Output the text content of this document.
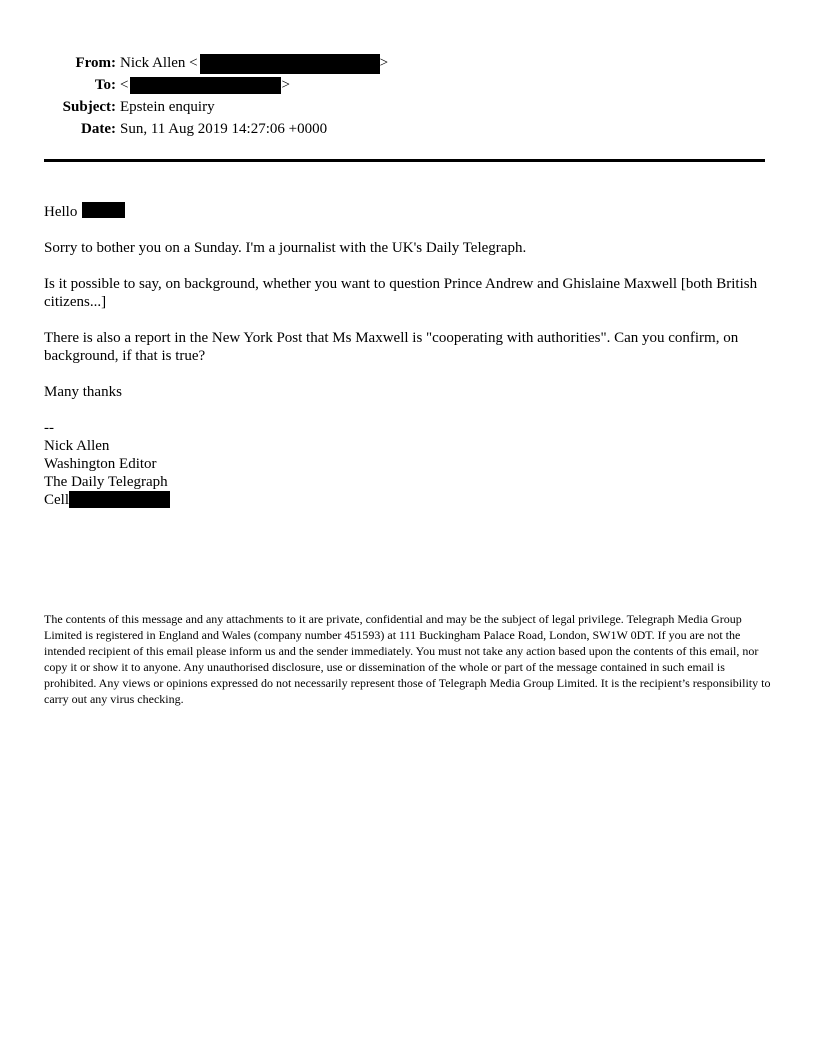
From:	Nick Allen < >
To:	< >
Subject:	Epstein enquiry
Date:	Sun, 11 Aug 2019 14:27:06 +0000

Hello

Sorry to bother you on a Sunday. I'm a journalist with the UK's Daily Telegraph.

Is it possible to say, on background, whether you want to question Prince Andrew and Ghislaine Maxwell [both British citizens...]

There is also a report in the New York Post that Ms Maxwell is "cooperating with authorities". Can you confirm, on background, if that is true?

Many thanks

--
Nick Allen
Washington Editor
The Daily Telegraph
Cell

The contents of this message and any attachments to it are private, confidential and may be the subject of legal privilege. Telegraph Media Group Limited is registered in England and Wales (company number 451593) at 111 Buckingham Palace Road, London, SW1W 0DT. If you are not the intended recipient of this email please inform us and the sender immediately. You must not take any action based upon the contents of this email, nor copy it or show it to anyone. Any unauthorised disclosure, use or dissemination of the whole or part of the message contained in such email is prohibited. Any views or opinions expressed do not necessarily represent those of Telegraph Media Group Limited. It is the recipient’s responsibility to carry out any virus checking.
